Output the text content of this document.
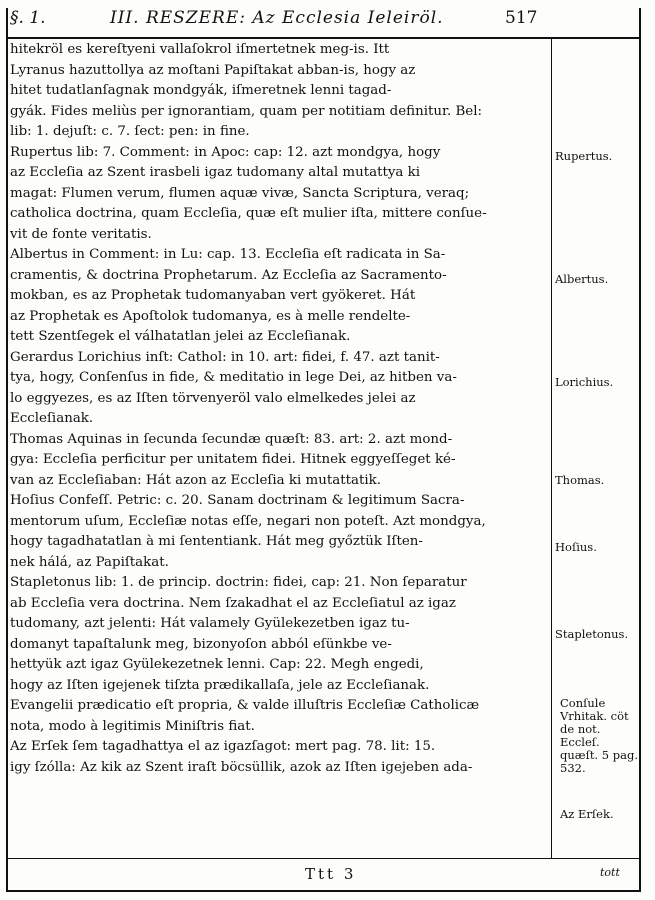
§. 1.	III. RESZERE: Az Ecclesia Ieleiröl.	517
hitekröl es kereſtyeni vallaſokrol iſmertetnek meg-is. Itt
Lyranus hazuttollya az moſtani Papiſtakat abban-is, hogy az
hitet tudatlanſagnak mondgyák, iſmeretnek lenni tagad-
gyák. Fides meliùs per ignorantiam, quam per notitiam definitur. Bel:
lib: 1. dejuſt: c. 7. ſect: pen: in fine.
Rupertus lib: 7. Comment: in Apoc: cap: 12. azt mondgya, hogy
az Eccleſia az Szent irasbeli igaz tudomany altal mutattya ki
magat: Flumen verum, flumen aquæ vivæ, Sancta Scriptura, veraq;
catholica doctrina, quam Eccleſia, quæ eſt mulier iſta, mittere conſue-
vit de fonte veritatis.
Albertus in Comment: in Lu: cap. 13. Eccleſia eſt radicata in Sa-
cramentis, & doctrina Prophetarum. Az Eccleſia az Sacramento-
mokban, es az Prophetak tudomanyaban vert gyökeret. Hát
az Prophetak es Apoſtolok tudomanya, es à melle rendelte-
tett Szentſegek el válhatatlan jelei az Eccleſianak.
Gerardus Lorichius inſt: Cathol: in 10. art: fidei, f. 47. azt tanit-
tya, hogy, Conſenſus in fide, & meditatio in lege Dei, az hitben va-
lo eggyezes, es az Iſten törvenyeröl valo elmelkedes jelei az
Eccleſianak.
Thomas Aquinas in ſecunda ſecundæ quæſt: 83. art: 2. azt mond-
gya: Eccleſia perficitur per unitatem fidei. Hitnek eggyeſſeget ké-
van az Eccleſiaban: Hát azon az Eccleſia ki mutattatik.
Hoſius Confeſſ. Petric: c. 20. Sanam doctrinam & legitimum Sacra-
mentorum uſum, Eccleſiæ notas eſſe, negari non poteſt. Azt mondgya,
hogy tagadhatatlan à mi ſententiank. Hát meg győztük Iſten-
nek hálá, az Papiſtakat.
Stapletonus lib: 1. de princip. doctrin: fidei, cap: 21. Non ſeparatur
ab Eccleſia vera doctrina. Nem ſzakadhat el az Eccleſiatul az igaz
tudomany, azt jelenti: Hát valamely Gyülekezetben igaz tu-
domanyt tapaſtalunk meg, bizonyoſon abból eſünkbe ve-
hettyük azt igaz Gyülekezetnek lenni. Cap: 22. Megh engedi,
hogy az Iſten igejenek tiſzta prædikallaſa, jele az Eccleſianak.
Evangelii prædicatio eſt propria, & valde illuſtris Eccleſiæ Catholicæ
nota, modo à legitimis Miniſtris fiat.
Az Erſek ſem tagadhattya el az igazſagot: mert pag. 78. lit: 15.
igy ſzólla: Az kik az Szent iraſt böcsüllik, azok az Iſten igejeben ada-
Rupertus.
Albertus.
Lorichius.
Thomas.
Hoſius.
Stapletonus.
Conſule Vrhitak. cöt de not. Eccleſ. quæſt. 5 pag. 532.
Az Erſek.
Ttt 3	tott
